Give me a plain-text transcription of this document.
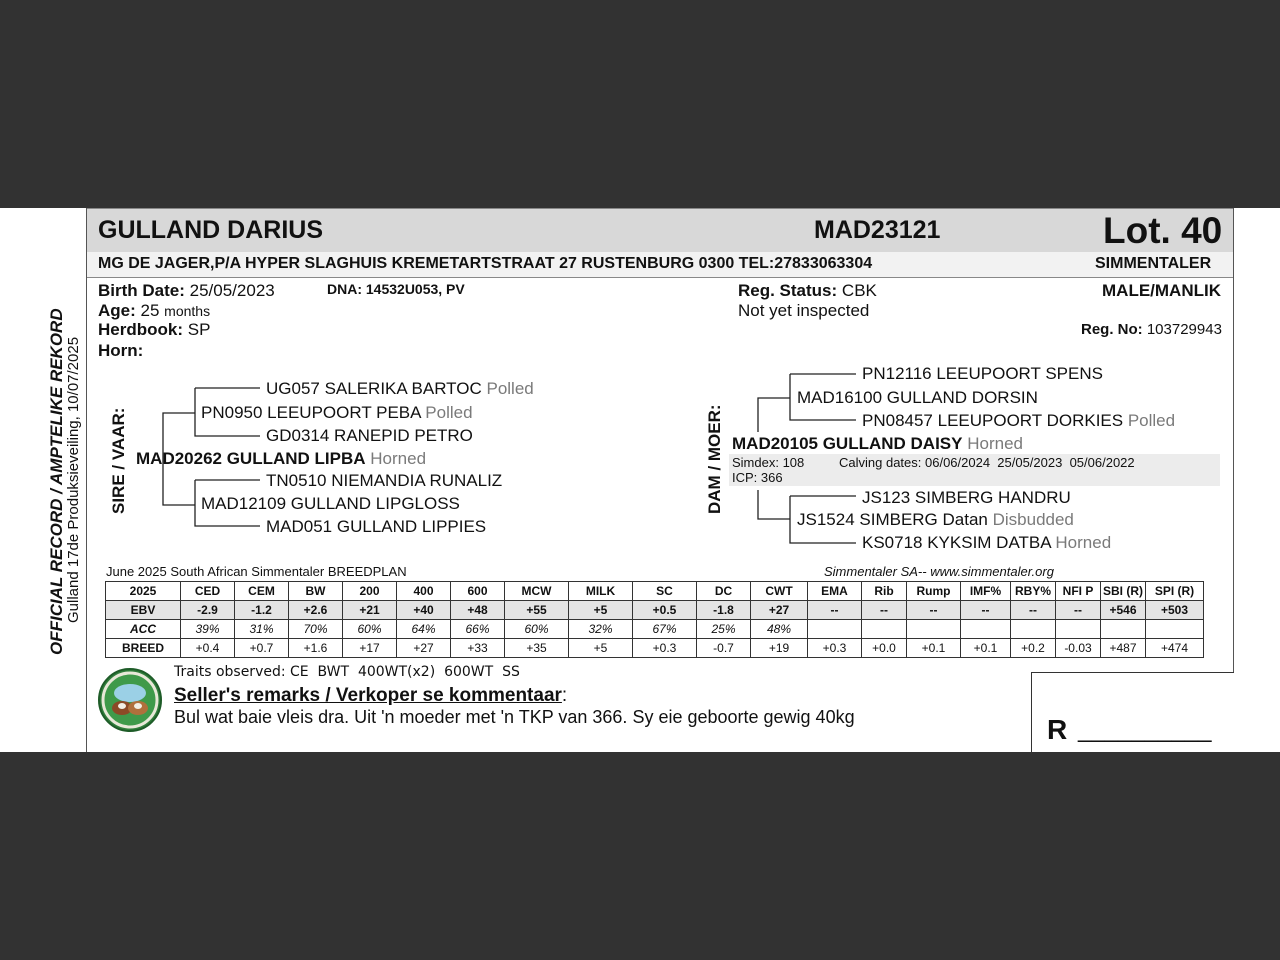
GULLAND DARIUS	MAD23121	Lot. 40
MG DE JAGER,P/A HYPER SLAGHUIS KREMETARTSTRAAT 27 RUSTENBURG 0300 TEL:27833063304	SIMMENTALER
Birth Date: 25/05/2023	DNA: 14532U053, PV
Age: 25 months
Herdbook: SP
Horn:
Reg. Status: CBK
Not yet inspected
MALE/MANLIK
Reg. No: 103729943
OFFICIAL RECORD / AMPTELIKE REKORD Gulland 17de Produksieveiling, 10/07/2025 SIRE / VAAR:	DAM / MOER:
UG057 SALERIKA BARTOC Polled
PN0950 LEEUPOORT PEBA Polled
GD0314 RANEPID PETRO
MAD20262 GULLAND LIPBA Horned
TN0510 NIEMANDIA RUNALIZ
MAD12109 GULLAND LIPGLOSS
MAD051 GULLAND LIPPIES
PN12116 LEEUPOORT SPENS
MAD16100 GULLAND DORSIN
PN08457 LEEUPOORT DORKIES Polled
MAD20105 GULLAND DAISY Horned
Simdex: 108	Calving dates: 06/06/2024  25/05/2023  05/06/2022
ICP: 366
JS123 SIMBERG HANDRU
JS1524 SIMBERG Datan Disbudded
KS0718 KYKSIM DATBA Horned
June 2025 South African Simmentaler BREEDPLAN	Simmentaler SA-- www.simmentaler.org
2025	CED	CEM	BW	200	400	600	MCW	MILK	SC	DC	CWT	EMA	Rib	Rump	IMF%	RBY%	NFI P	SBI (R)	SPI (R)
EBV	-2.9	-1.2	+2.6	+21	+40	+48	+55	+5	+0.5	-1.8	+27	--	--	--	--	--	--	+546	+503
ACC	39%	31%	70%	60%	64%	66%	60%	32%	67%	25%	48%								
BREED	+0.4	+0.7	+1.6	+17	+27	+33	+35	+5	+0.3	-0.7	+19	+0.3	+0.0	+0.1	+0.1	+0.2	-0.03	+487	+474
Traits observed: CE  BWT  400WT(x2)  600WT  SS
Seller's remarks / Verkoper se kommentaar:
Bul wat baie vleis dra. Uit 'n moeder met 'n TKP van 366. Sy eie geboorte gewig 40kg	R __________
